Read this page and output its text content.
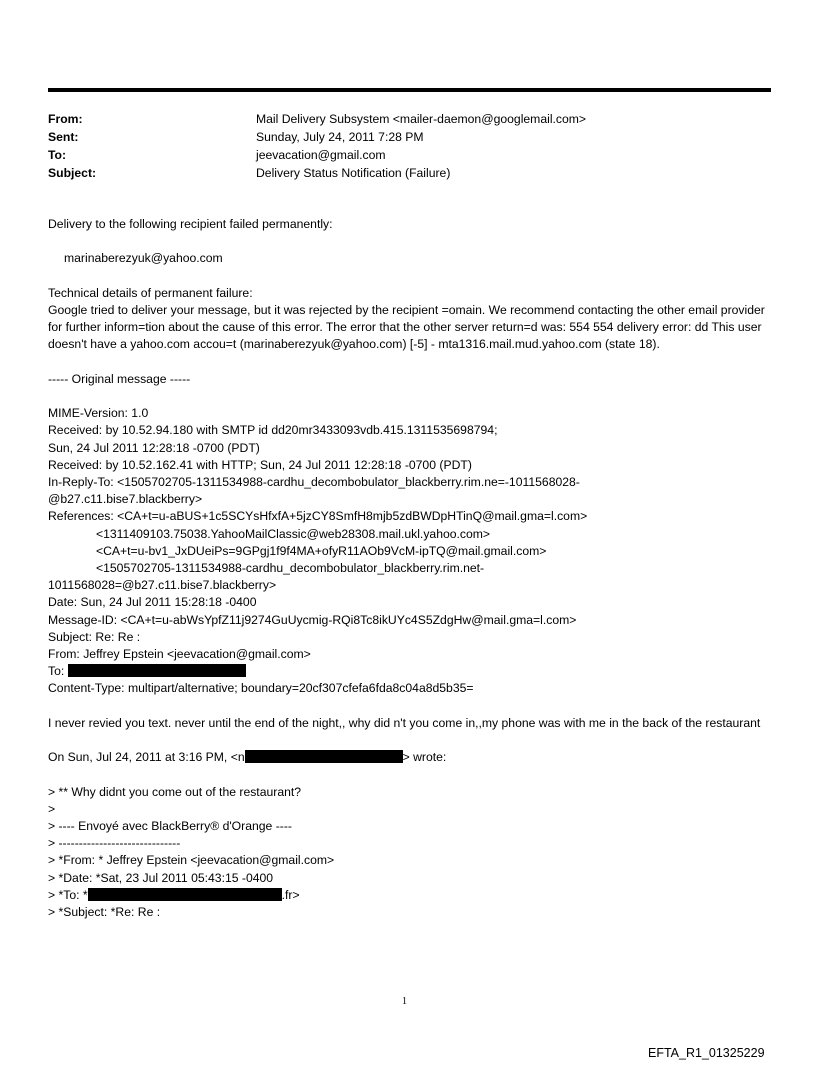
From:	Mail Delivery Subsystem <mailer-daemon@googlemail.com>
Sent:	Sunday, July 24, 2011 7:28 PM
To:	jeevacation@gmail.com
Subject:	Delivery Status Notification (Failure)

Delivery to the following recipient failed permanently:

marinaberezyuk@yahoo.com

Technical details of permanent failure:

Google tried to deliver your message, but it was rejected by the recipient =omain. We recommend contacting the other email provider for further inform=tion about the cause of this error. The error that the other server return=d was: 554 554 delivery error: dd This user doesn't have a yahoo.com accou=t (marinaberezyuk@yahoo.com) [-5] - mta1316.mail.mud.yahoo.com (state 18).

----- Original message -----

MIME-Version: 1.0

Received: by 10.52.94.180 with SMTP id dd20mr3433093vdb.415.1311535698794;

Sun, 24 Jul 2011 12:28:18 -0700 (PDT)

Received: by 10.52.162.41 with HTTP; Sun, 24 Jul 2011 12:28:18 -0700 (PDT)

In-Reply-To: <1505702705-1311534988-cardhu_decombobulator_blackberry.rim.ne=-1011568028-

@b27.c11.bise7.blackberry>

References: <CA+t=u-aBUS+1c5SCYsHfxfA+5jzCY8SmfH8mjb5zdBWDpHTinQ@mail.gma=l.com>

<1311409103.75038.YahooMailClassic@web28308.mail.ukl.yahoo.com>

<CA+t=u-bv1_JxDUeiPs=9GPgj1f9f4MA+ofyR11AOb9VcM-ipTQ@mail.gmail.com>

<1505702705-1311534988-cardhu_decombobulator_blackberry.rim.net-

1011568028=@b27.c11.bise7.blackberry>

Date: Sun, 24 Jul 2011 15:28:18 -0400

Message-ID: <CA+t=u-abWsYpfZ11j9274GuUycmig-RQi8Tc8ikUYc4S5ZdgHw@mail.gma=l.com>

Subject: Re: Re :

From: Jeffrey Epstein <jeevacation@gmail.com>

To:

Content-Type: multipart/alternative; boundary=20cf307cfefa6fda8c04a8d5b35=

I never revied you text. never until the end of the night,, why did n't you come in,,my phone was with me in the back of the restaurant

On Sun, Jul 24, 2011 at 3:16 PM, <n	> wrote:

> ** Why didnt you come out of the restaurant?

>

> ---- Envoyé avec BlackBerry® d'Orange ----

> ------------------------------

> *From: * Jeffrey Epstein <jeevacation@gmail.com>

> *Date: *Sat, 23 Jul 2011 05:43:15 -0400

> *To: *	.fr>

> *Subject: *Re: Re :

1
EFTA_R1_01325229
